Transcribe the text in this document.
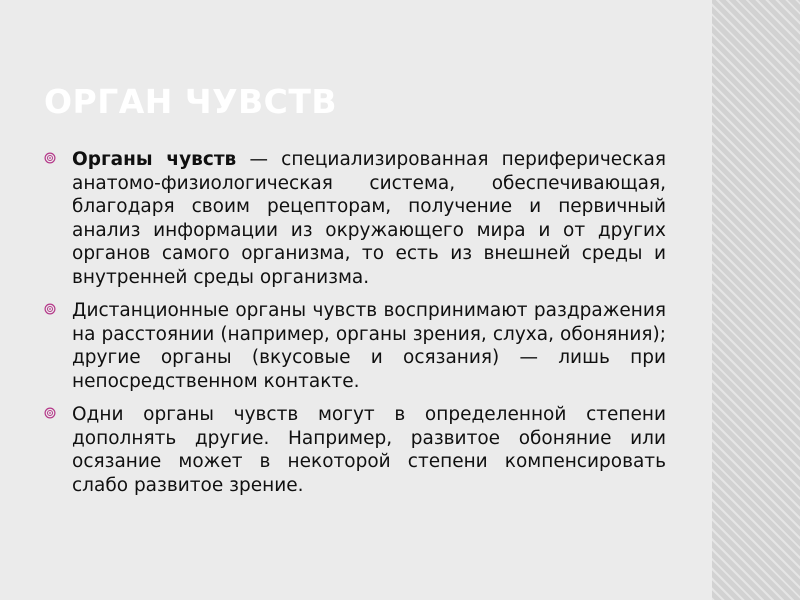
ОРГАН ЧУВСТВ
Органы чувств — специализированная периферическая анатомо-физиологическая система, обеспечивающая, благодаря своим рецепторам, получение и первичный анализ информации из окружающего мира и от других органов самого организма, то есть из внешней среды и внутренней среды организма.
Дистанционные органы чувств воспринимают раздражения на расстоянии (например, органы зрения, слуха, обоняния); другие органы (вкусовые и осязания) — лишь при непосредственном контакте.
Одни органы чувств могут в определенной степени дополнять другие. Например, развитое обоняние или осязание может в некоторой степени компенсировать слабо развитое зрение.
